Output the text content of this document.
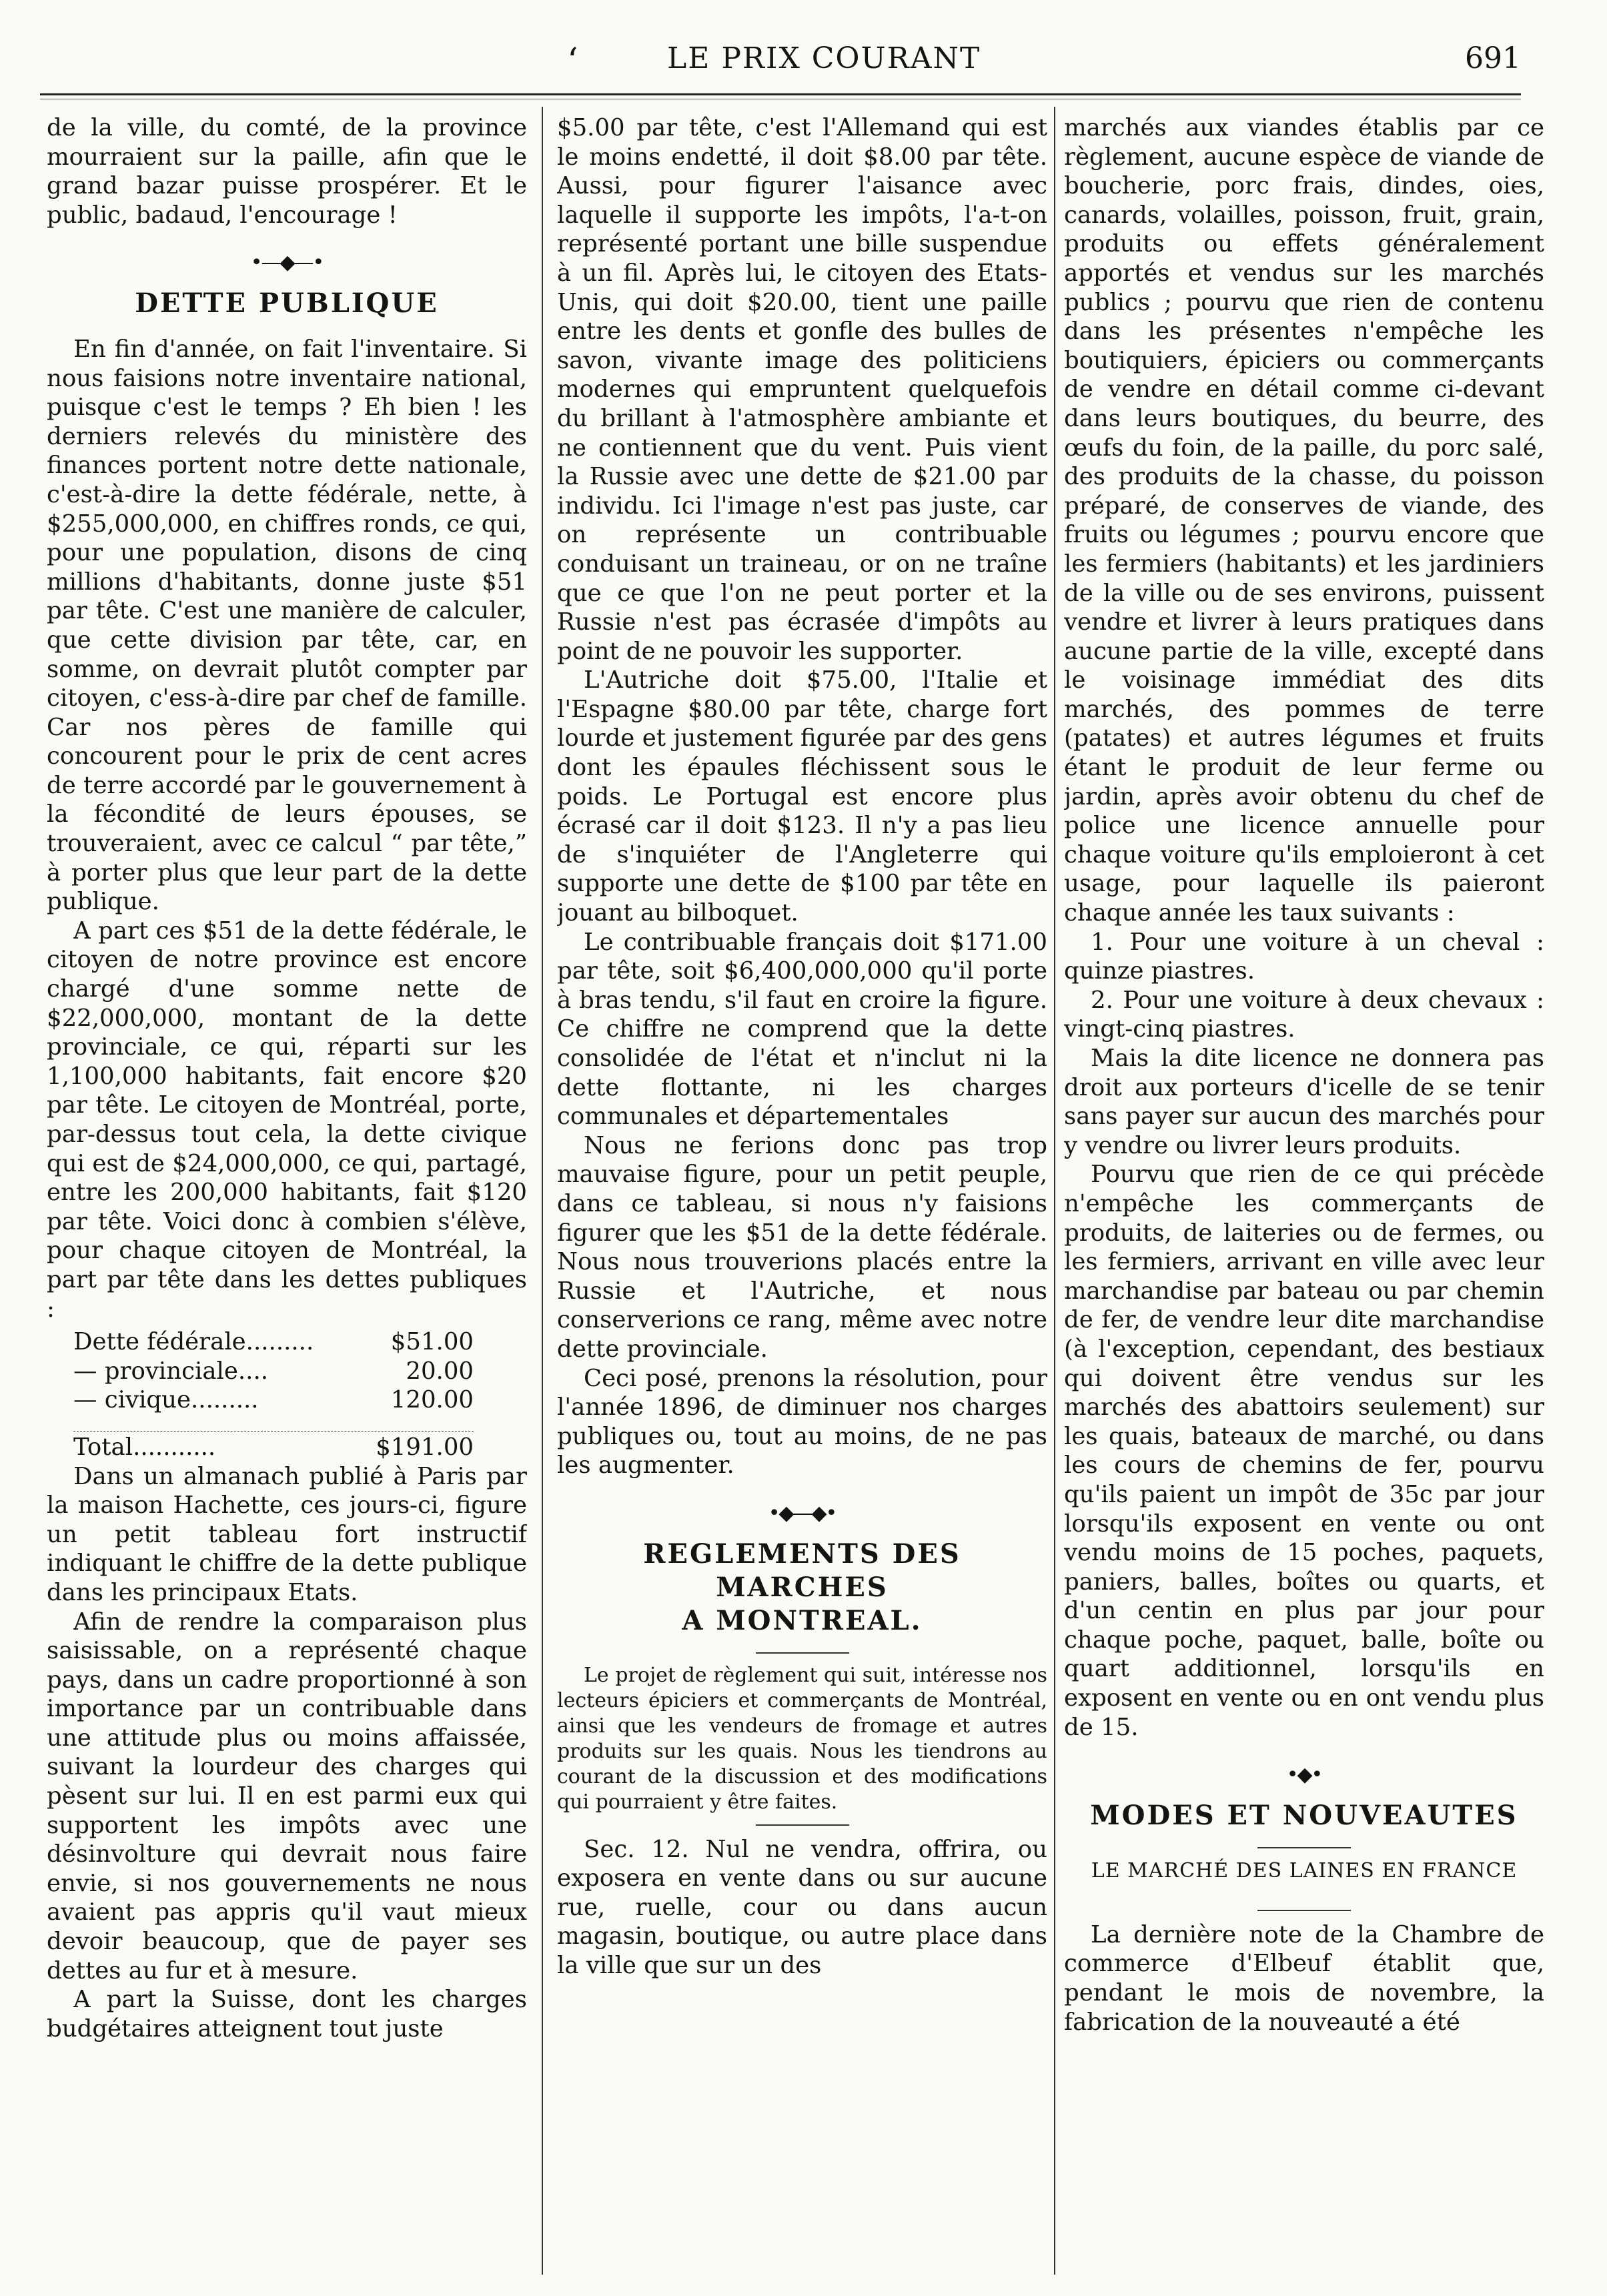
‘	LE PRIX COURANT	691

de la ville, du comté, de la province mourraient sur la paille, afin que le grand bazar puisse prospérer. Et le public, badaud, l'encourage !

•—◆—•
DETTE PUBLIQUE

En fin d'année, on fait l'inventaire. Si nous faisions notre inventaire national, puisque c'est le temps ? Eh bien ! les derniers relevés du ministère des finances portent notre dette nationale, c'est-à-dire la dette fédérale, nette, à $255,000,000, en chiffres ronds, ce qui, pour une population, disons de cinq millions d'habitants, donne juste $51 par tête. C'est une manière de calculer, que cette division par tête, car, en somme, on devrait plutôt compter par citoyen, c'ess-à-dire par chef de famille. Car nos pères de famille qui concourent pour le prix de cent acres de terre accordé par le gouvernement à la fécondité de leurs épouses, se trouveraient, avec ce calcul “ par tête,” à porter plus que leur part de la dette publique.

A part ces $51 de la dette fédérale, le citoyen de notre province est encore chargé d'une somme nette de $22,000,000, montant de la dette provinciale, ce qui, réparti sur les 1,100,000 habitants, fait encore $20 par tête. Le citoyen de Montréal, porte, par-dessus tout cela, la dette civique qui est de $24,000,000, ce qui, partagé, entre les 200,000 habitants, fait $120 par tête. Voici donc à combien s'élève, pour chaque citoyen de Montréal, la part par tête dans les dettes publiques :

Dette fédérale.........	$51.00
— provinciale....	20.00
— civique.........	120.00
Total...........	$191.00

Dans un almanach publié à Paris par la maison Hachette, ces jours-ci, figure un petit tableau fort instructif indiquant le chiffre de la dette publique dans les principaux Etats.

Afin de rendre la comparaison plus saisissable, on a représenté chaque pays, dans un cadre proportionné à son importance par un contribuable dans une attitude plus ou moins affaissée, suivant la lourdeur des charges qui pèsent sur lui. Il en est parmi eux qui supportent les impôts avec une désinvolture qui devrait nous faire envie, si nos gouvernements ne nous avaient pas appris qu'il vaut mieux devoir beaucoup, que de payer ses dettes au fur et à mesure.

A part la Suisse, dont les charges budgétaires atteignent tout juste

$5.00 par tête, c'est l'Allemand qui est le moins endetté, il doit $8.00 par tête. Aussi, pour figurer l'aisance avec laquelle il supporte les impôts, l'a-t-on représenté portant une bille suspendue à un fil. Après lui, le citoyen des Etats-Unis, qui doit $20.00, tient une paille entre les dents et gonfle des bulles de savon, vivante image des politiciens modernes qui empruntent quelquefois du brillant à l'atmosphère ambiante et ne contiennent que du vent. Puis vient la Russie avec une dette de $21.00 par individu. Ici l'image n'est pas juste, car on représente un contribuable conduisant un traineau, or on ne traîne que ce que l'on ne peut porter et la Russie n'est pas écrasée d'impôts au point de ne pouvoir les supporter.

L'Autriche doit $75.00, l'Italie et l'Espagne $80.00 par tête, charge fort lourde et justement figurée par des gens dont les épaules fléchissent sous le poids. Le Portugal est encore plus écrasé car il doit $123. Il n'y a pas lieu de s'inquiéter de l'Angleterre qui supporte une dette de $100 par tête en jouant au bilboquet.

Le contribuable français doit $171.00 par tête, soit $6,400,000,000 qu'il porte à bras tendu, s'il faut en croire la figure. Ce chiffre ne comprend que la dette consolidée de l'état et n'inclut ni la dette flottante, ni les charges communales et départementales

Nous ne ferions donc pas trop mauvaise figure, pour un petit peuple, dans ce tableau, si nous n'y faisions figurer que les $51 de la dette fédérale. Nous nous trouverions placés entre la Russie et l'Autriche, et nous conserverions ce rang, même avec notre dette provinciale.

Ceci posé, prenons la résolution, pour l'année 1896, de diminuer nos charges publiques ou, tout au moins, de ne pas les augmenter.

•◆—◆•
REGLEMENTS DES MARCHES
A MONTREAL.

Le projet de règlement qui suit, intéresse nos lecteurs épiciers et commerçants de Montréal, ainsi que les vendeurs de fromage et autres produits sur les quais. Nous les tiendrons au courant de la discussion et des modifications qui pourraient y être faites.

Sec. 12. Nul ne vendra, offrira, ou exposera en vente dans ou sur aucune rue, ruelle, cour ou dans aucun magasin, boutique, ou autre place dans la ville que sur un des

marchés aux viandes établis par ce règlement, aucune espèce de viande de boucherie, porc frais, dindes, oies, canards, volailles, poisson, fruit, grain, produits ou effets généralement apportés et vendus sur les marchés publics ; pourvu que rien de contenu dans les présentes n'empêche les boutiquiers, épiciers ou commerçants de vendre en détail comme ci-devant dans leurs boutiques, du beurre, des œufs du foin, de la paille, du porc salé, des produits de la chasse, du poisson préparé, de conserves de viande, des fruits ou légumes ; pourvu encore que les fermiers (habitants) et les jardiniers de la ville ou de ses environs, puissent vendre et livrer à leurs pratiques dans aucune partie de la ville, excepté dans le voisinage immédiat des dits marchés, des pommes de terre (patates) et autres légumes et fruits étant le produit de leur ferme ou jardin, après avoir obtenu du chef de police une licence annuelle pour chaque voiture qu'ils emploieront à cet usage, pour laquelle ils paieront chaque année les taux suivants :

1. Pour une voiture à un cheval : quinze piastres.

2. Pour une voiture à deux chevaux : vingt-cinq piastres.

Mais la dite licence ne donnera pas droit aux porteurs d'icelle de se tenir sans payer sur aucun des marchés pour y vendre ou livrer leurs produits.

Pourvu que rien de ce qui précède n'empêche les commerçants de produits, de laiteries ou de fermes, ou les fermiers, arrivant en ville avec leur marchandise par bateau ou par chemin de fer, de vendre leur dite marchandise (à l'exception, cependant, des bestiaux qui doivent être vendus sur les marchés des abattoirs seulement) sur les quais, bateaux de marché, ou dans les cours de chemins de fer, pourvu qu'ils paient un impôt de 35c par jour lorsqu'ils exposent en vente ou ont vendu moins de 15 poches, paquets, paniers, balles, boîtes ou quarts, et d'un centin en plus par jour pour chaque poche, paquet, balle, boîte ou quart additionnel, lorsqu'ils en exposent en vente ou en ont vendu plus de 15.

•◆•
MODES ET NOUVEAUTES
LE MARCHÉ DES LAINES EN FRANCE

La dernière note de la Chambre de commerce d'Elbeuf établit que, pendant le mois de novembre, la fabrication de la nouveauté a été
